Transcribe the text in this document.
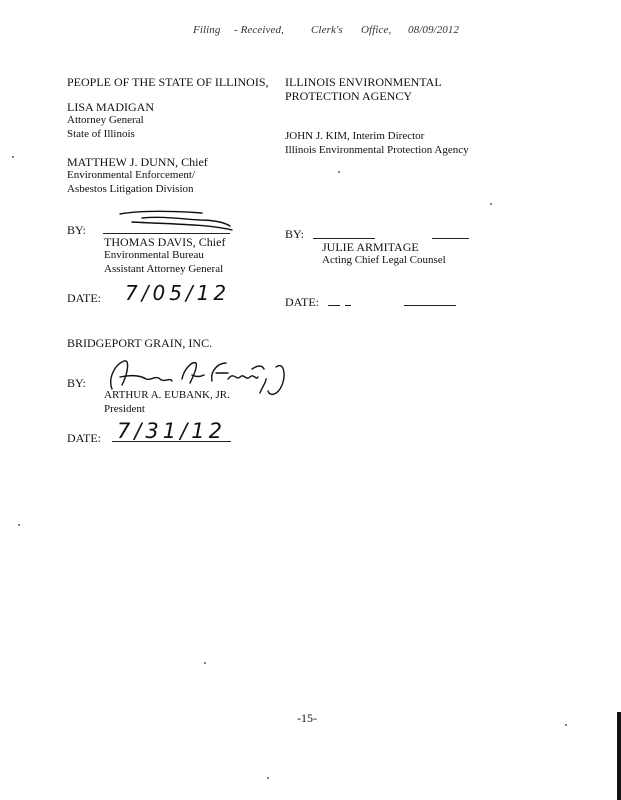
Filing - Received, Clerk's Office, 08/09/2012
PEOPLE OF THE STATE OF ILLINOIS,
LISA MADIGAN
Attorney General
State of Illinois
MATTHEW J. DUNN, Chief
Environmental Enforcement/
Asbestos Litigation Division
BY:
THOMAS DAVIS, Chief
Environmental Bureau
Assistant Attorney General
DATE: 7/05/12
ILLINOIS ENVIRONMENTAL
PROTECTION AGENCY
JOHN J. KIM, Interim Director
Illinois Environmental Protection Agency
BY:
JULIE ARMITAGE
Acting Chief Legal Counsel
DATE:
BRIDGEPORT GRAIN, INC.
BY:
ARTHUR A. EUBANK, JR.
President
DATE: 7/31/12
-15-
